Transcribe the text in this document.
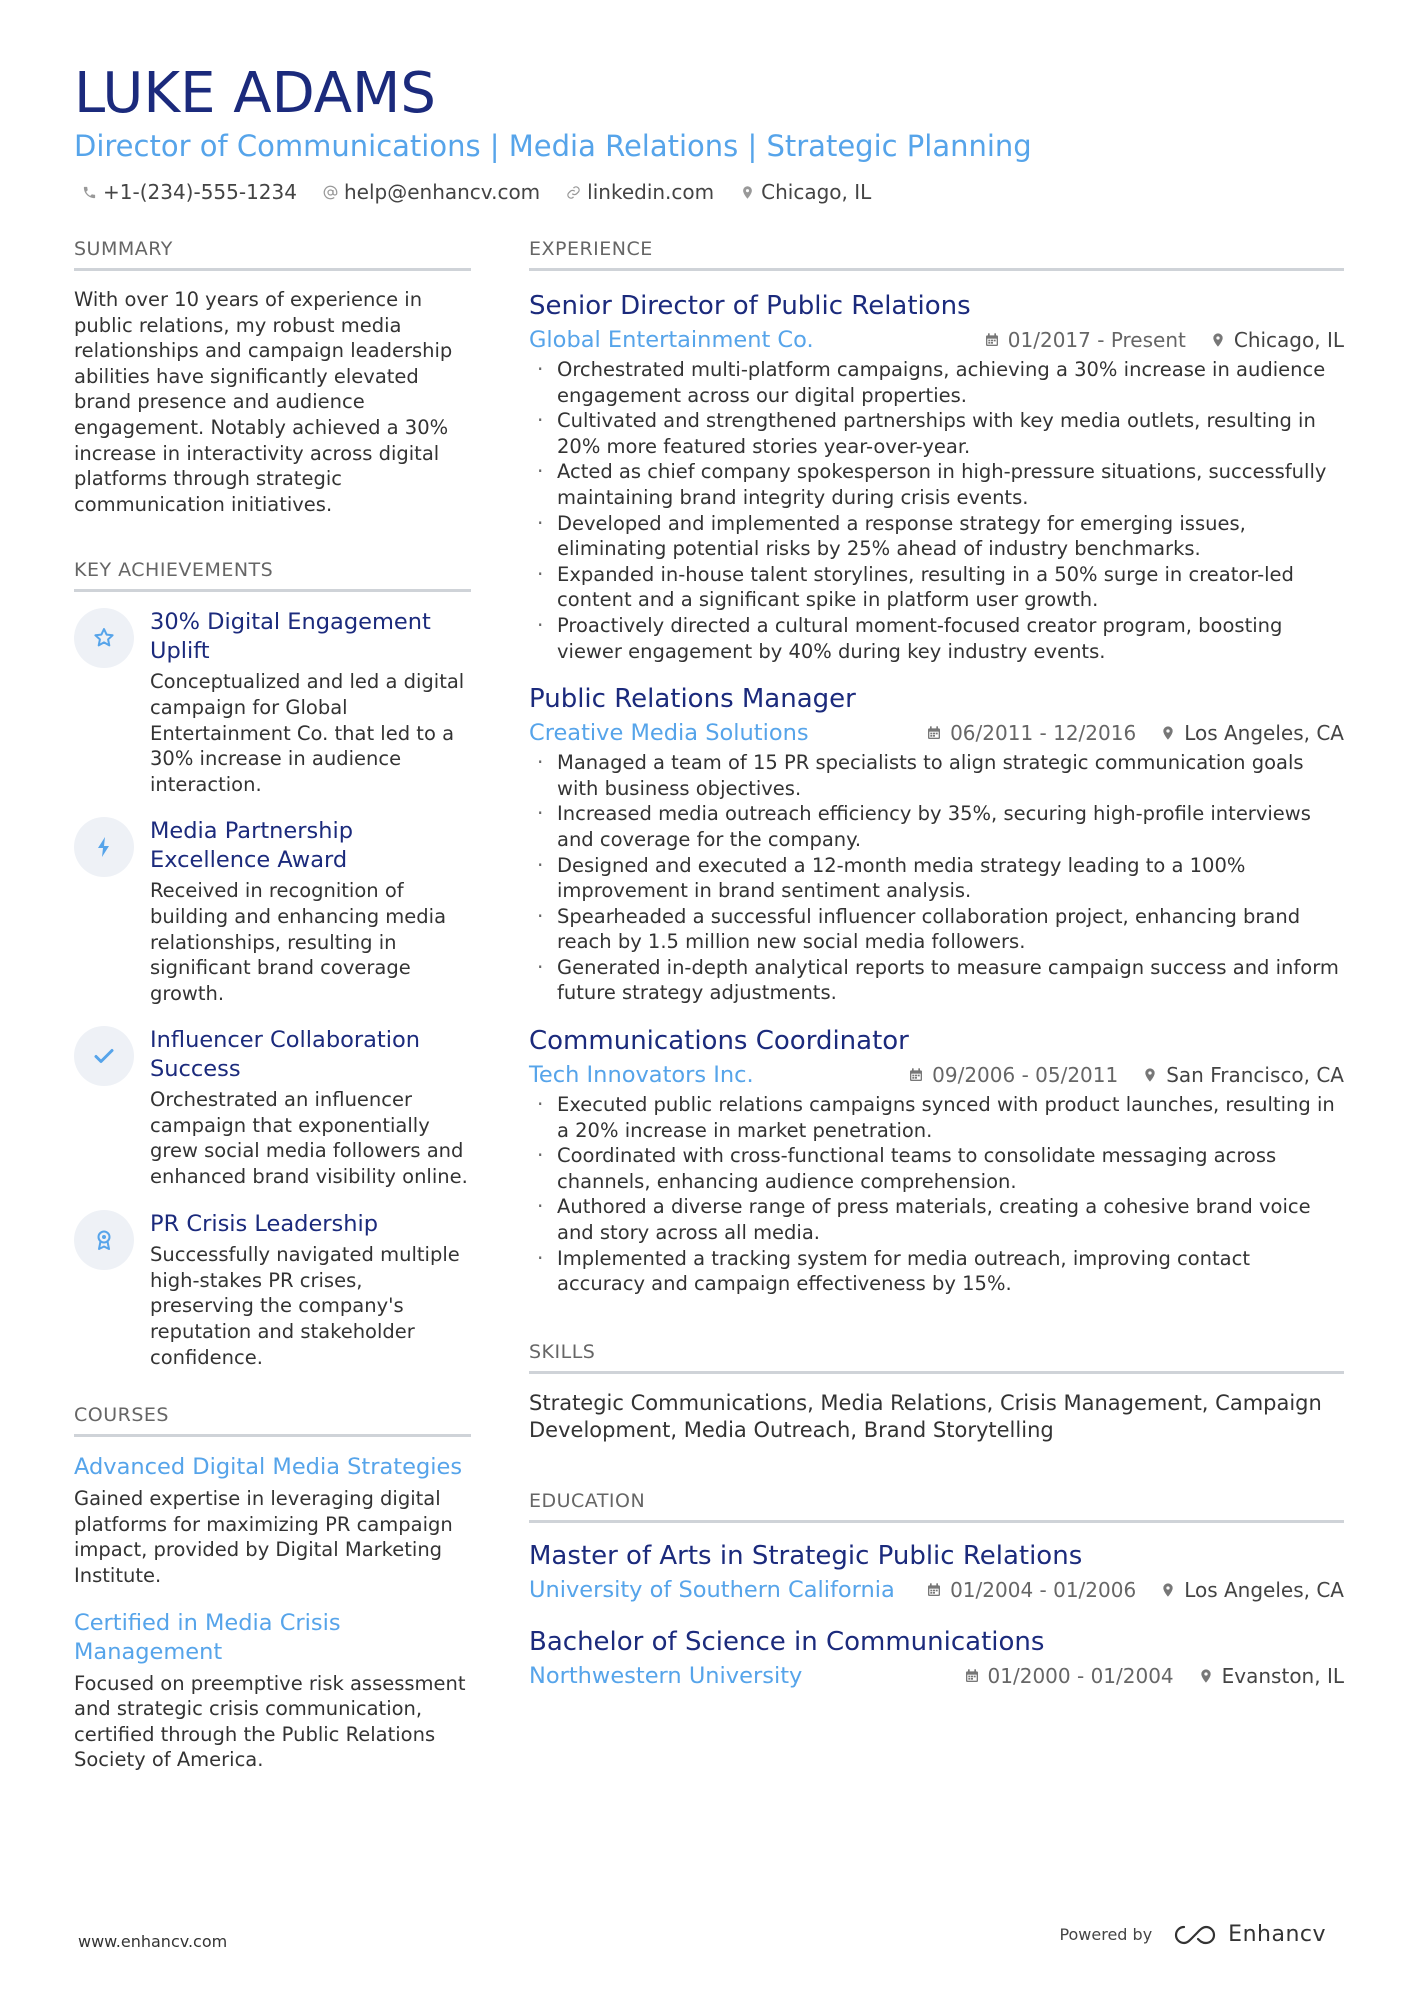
LUKE ADAMS
Director of Communications | Media Relations | Strategic Planning
+1-(234)-555-1234 help@enhancv.com linkedin.com Chicago, IL
SUMMARY

With over 10 years of experience in public relations, my robust media relationships and campaign leadership abilities have significantly elevated brand presence and audience engagement. Notably achieved a 30% increase in interactivity across digital platforms through strategic communication initiatives.

KEY ACHIEVEMENTS
30% Digital Engagement Uplift
Conceptualized and led a digital campaign for Global Entertainment Co. that led to a 30% increase in audience interaction.
Media Partnership Excellence Award
Received in recognition of building and enhancing media relationships, resulting in significant brand coverage growth.
Influencer Collaboration Success
Orchestrated an influencer campaign that exponentially grew social media followers and enhanced brand visibility online.
PR Crisis Leadership
Successfully navigated multiple high-stakes PR crises, preserving the company's reputation and stakeholder confidence.
COURSES
Advanced Digital Media Strategies
Gained expertise in leveraging digital platforms for maximizing PR campaign impact, provided by Digital Marketing Institute.
Certified in Media Crisis Management
Focused on preemptive risk assessment and strategic crisis communication, certified through the Public Relations Society of America.
EXPERIENCE
Senior Director of Public Relations
Global Entertainment Co.	01/2017 - Present Chicago, IL
· Orchestrated multi-platform campaigns, achieving a 30% increase in audience engagement across our digital properties.
· Cultivated and strengthened partnerships with key media outlets, resulting in 20% more featured stories year-over-year.
· Acted as chief company spokesperson in high-pressure situations, successfully maintaining brand integrity during crisis events.
· Developed and implemented a response strategy for emerging issues, eliminating potential risks by 25% ahead of industry benchmarks.
· Expanded in-house talent storylines, resulting in a 50% surge in creator-led content and a significant spike in platform user growth.
· Proactively directed a cultural moment-focused creator program, boosting viewer engagement by 40% during key industry events.
Public Relations Manager
Creative Media Solutions	06/2011 - 12/2016 Los Angeles, CA
· Managed a team of 15 PR specialists to align strategic communication goals with business objectives.
· Increased media outreach efficiency by 35%, securing high-profile interviews and coverage for the company.
· Designed and executed a 12-month media strategy leading to a 100% improvement in brand sentiment analysis.
· Spearheaded a successful influencer collaboration project, enhancing brand reach by 1.5 million new social media followers.
· Generated in-depth analytical reports to measure campaign success and inform future strategy adjustments.
Communications Coordinator
Tech Innovators Inc.	09/2006 - 05/2011 San Francisco, CA
· Executed public relations campaigns synced with product launches, resulting in a 20% increase in market penetration.
· Coordinated with cross-functional teams to consolidate messaging across channels, enhancing audience comprehension.
· Authored a diverse range of press materials, creating a cohesive brand voice and story across all media.
· Implemented a tracking system for media outreach, improving contact accuracy and campaign effectiveness by 15%.
SKILLS

Strategic Communications, Media Relations, Crisis Management, Campaign Development, Media Outreach, Brand Storytelling

EDUCATION
Master of Arts in Strategic Public Relations
University of Southern California	01/2004 - 01/2006 Los Angeles, CA
Bachelor of Science in Communications
Northwestern University	01/2000 - 01/2004 Evanston, IL
www.enhancv.com	Powered by	Enhancv
